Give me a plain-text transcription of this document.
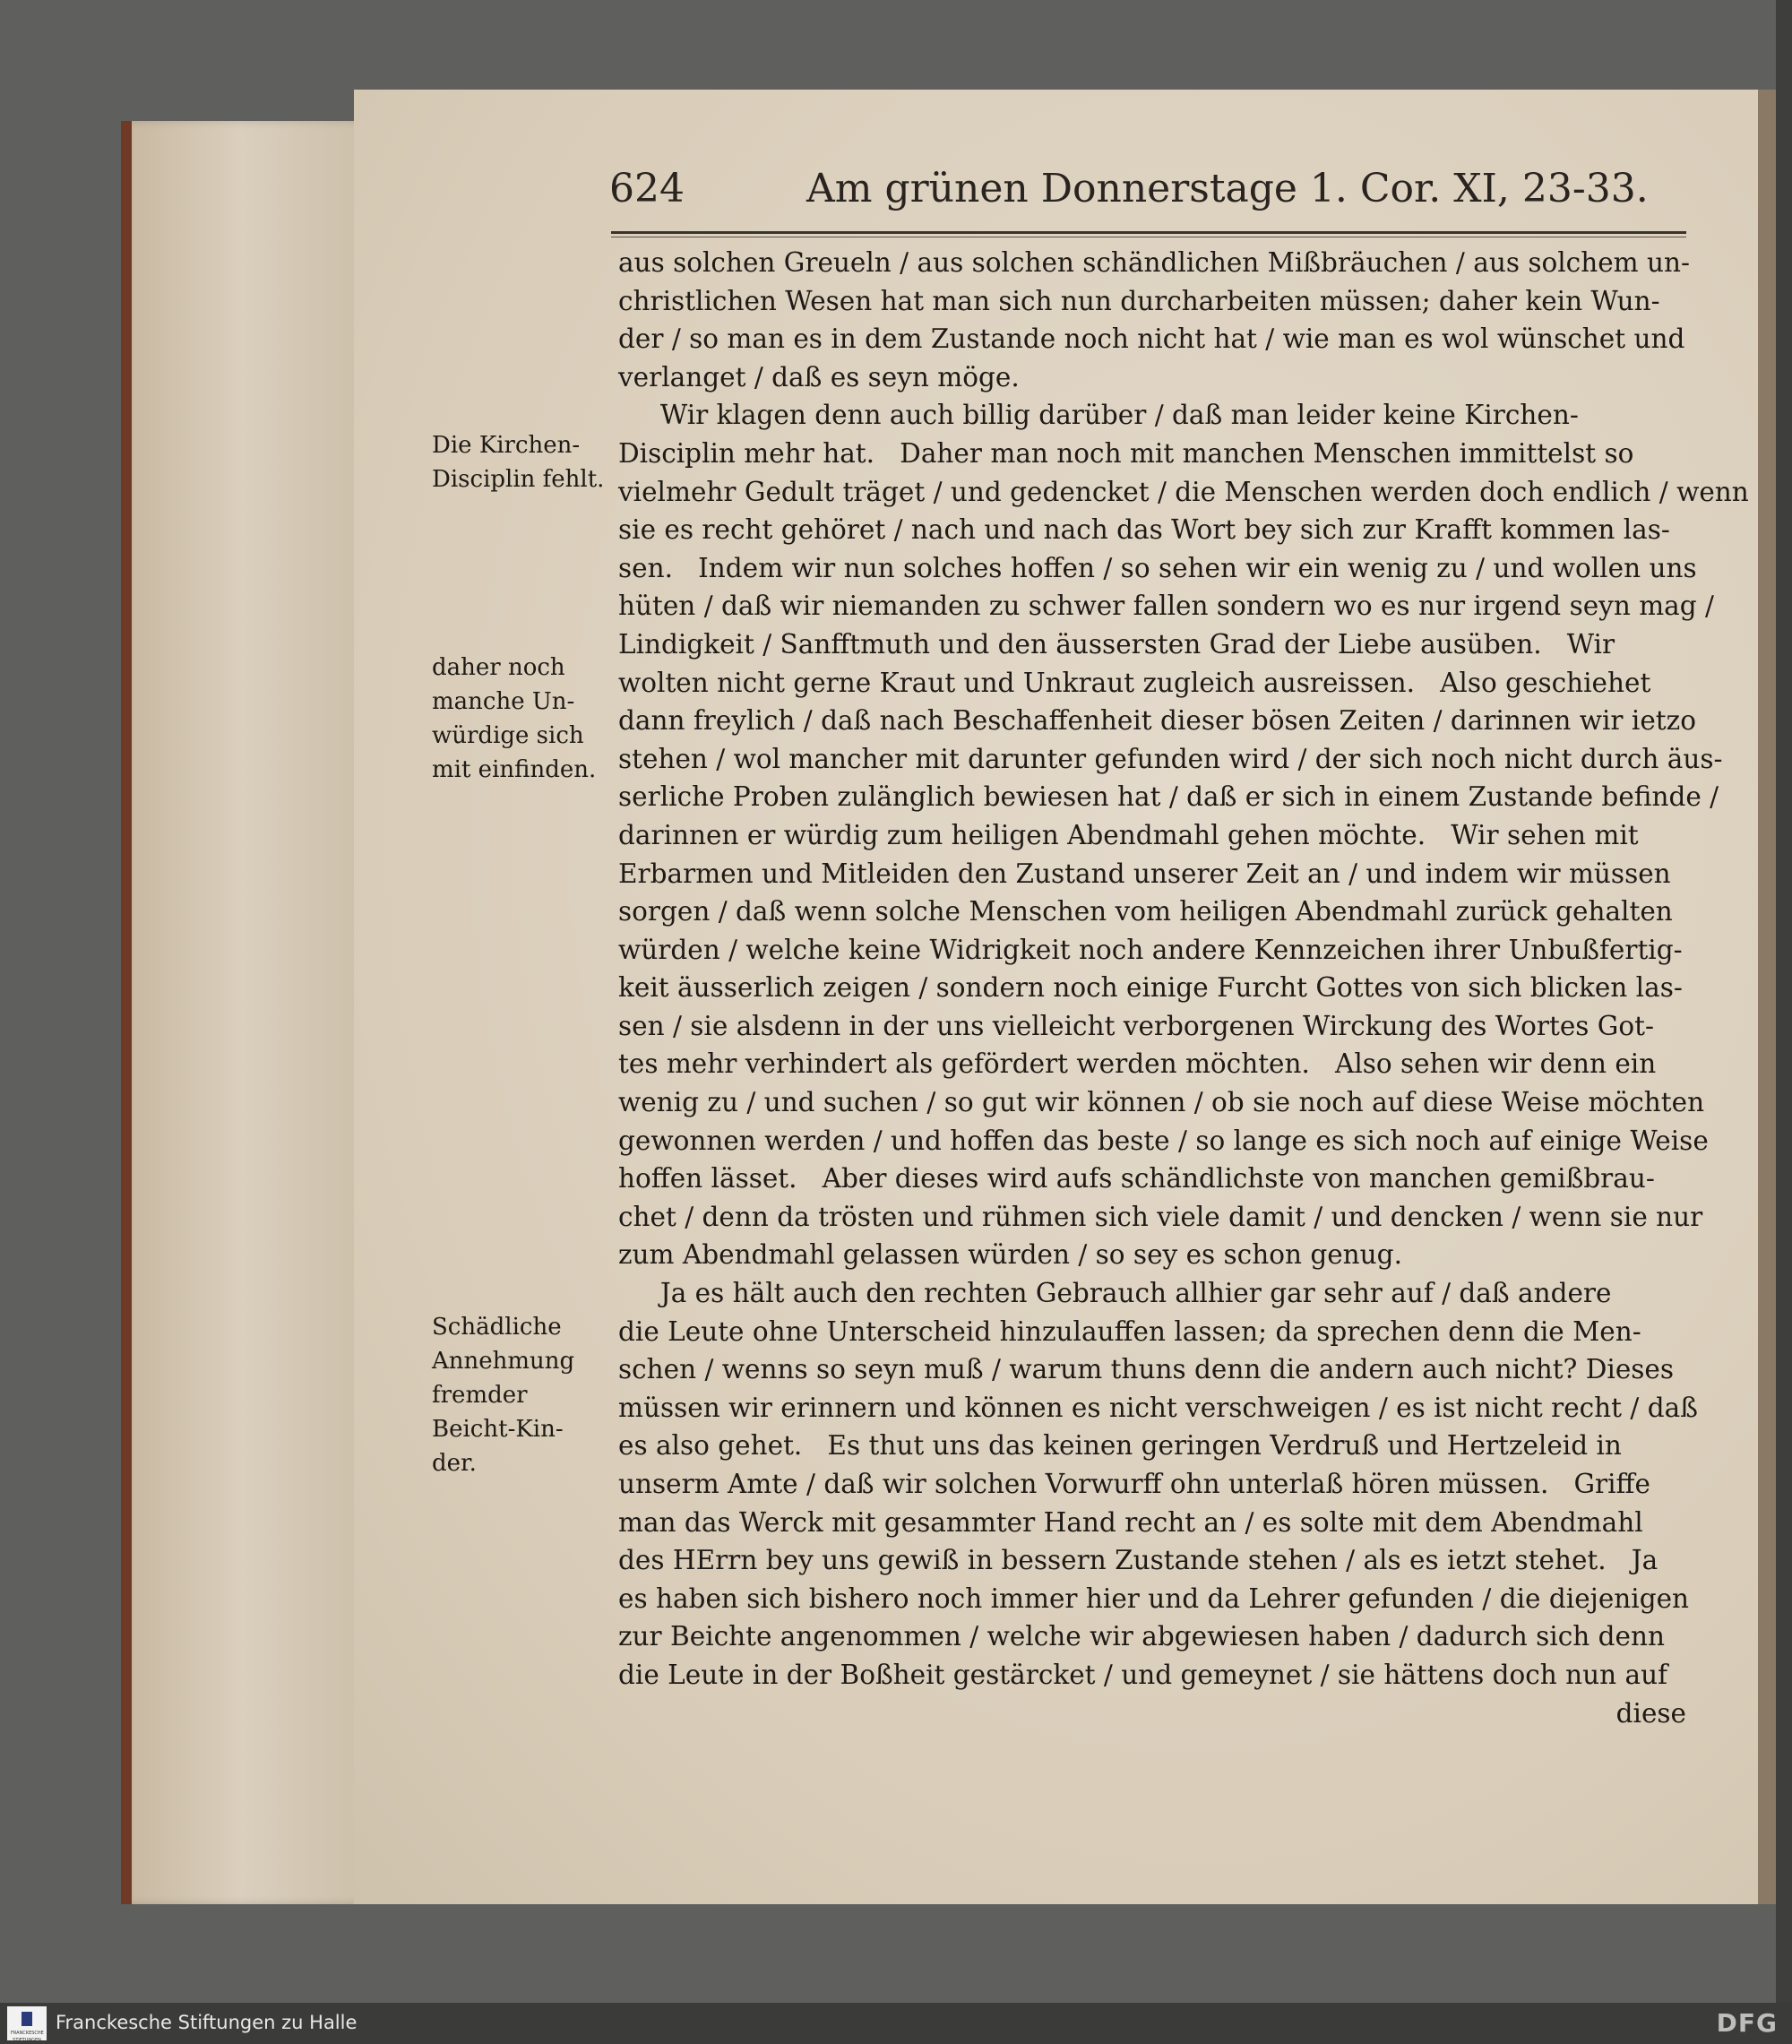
624	Am grünen Donnerstage 1. Cor. XI, 23-33.
aus solchen Greueln / aus solchen schändlichen Mißbräuchen / aus solchem un-
christlichen Wesen hat man sich nun durcharbeiten müssen; daher kein Wun-
der / so man es in dem Zustande noch nicht hat / wie man es wol wünschet und
verlanget / daß es seyn möge.
Wir klagen denn auch billig darüber / daß man leider keine Kirchen-
Disciplin mehr hat.   Daher man noch mit manchen Menschen immittelst so
vielmehr Gedult träget / und gedencket / die Menschen werden doch endlich / wenn
sie es recht gehöret / nach und nach das Wort bey sich zur Krafft kommen las-
sen.   Indem wir nun solches hoffen / so sehen wir ein wenig zu / und wollen uns
hüten / daß wir niemanden zu schwer fallen sondern wo es nur irgend seyn mag /
Lindigkeit / Sanfftmuth und den äussersten Grad der Liebe ausüben.   Wir
wolten nicht gerne Kraut und Unkraut zugleich ausreissen.   Also geschiehet
dann freylich / daß nach Beschaffenheit dieser bösen Zeiten / darinnen wir ietzo
stehen / wol mancher mit darunter gefunden wird / der sich noch nicht durch äus-
serliche Proben zulänglich bewiesen hat / daß er sich in einem Zustande befinde /
darinnen er würdig zum heiligen Abendmahl gehen möchte.   Wir sehen mit
Erbarmen und Mitleiden den Zustand unserer Zeit an / und indem wir müssen
sorgen / daß wenn solche Menschen vom heiligen Abendmahl zurück gehalten
würden / welche keine Widrigkeit noch andere Kennzeichen ihrer Unbußfertig-
keit äusserlich zeigen / sondern noch einige Furcht Gottes von sich blicken las-
sen / sie alsdenn in der uns vielleicht verborgenen Wirckung des Wortes Got-
tes mehr verhindert als gefördert werden möchten.   Also sehen wir denn ein
wenig zu / und suchen / so gut wir können / ob sie noch auf diese Weise möchten
gewonnen werden / und hoffen das beste / so lange es sich noch auf einige Weise
hoffen lässet.   Aber dieses wird aufs schändlichste von manchen gemißbrau-
chet / denn da trösten und rühmen sich viele damit / und dencken / wenn sie nur
zum Abendmahl gelassen würden / so sey es schon genug.
Ja es hält auch den rechten Gebrauch allhier gar sehr auf / daß andere
die Leute ohne Unterscheid hinzulauffen lassen; da sprechen denn die Men-
schen / wenns so seyn muß / warum thuns denn die andern auch nicht? Dieses
müssen wir erinnern und können es nicht verschweigen / es ist nicht recht / daß
es also gehet.   Es thut uns das keinen geringen Verdruß und Hertzeleid in
unserm Amte / daß wir solchen Vorwurff ohn unterlaß hören müssen.   Griffe
man das Werck mit gesammter Hand recht an / es solte mit dem Abendmahl
des HErrn bey uns gewiß in bessern Zustande stehen / als es ietzt stehet.   Ja
es haben sich bishero noch immer hier und da Lehrer gefunden / die diejenigen
zur Beichte angenommen / welche wir abgewiesen haben / dadurch sich denn
die Leute in der Boßheit gestärcket / und gemeynet / sie hättens doch nun auf
diese
Die Kirchen-
Disciplin fehlt.
daher noch
manche Un-
würdige sich
mit einfinden.
Schädliche
Annehmung
fremder
Beicht-Kin-
der.
FRANCKESCHE STIFTUNGEN
Franckesche Stiftungen zu Halle	DFG
